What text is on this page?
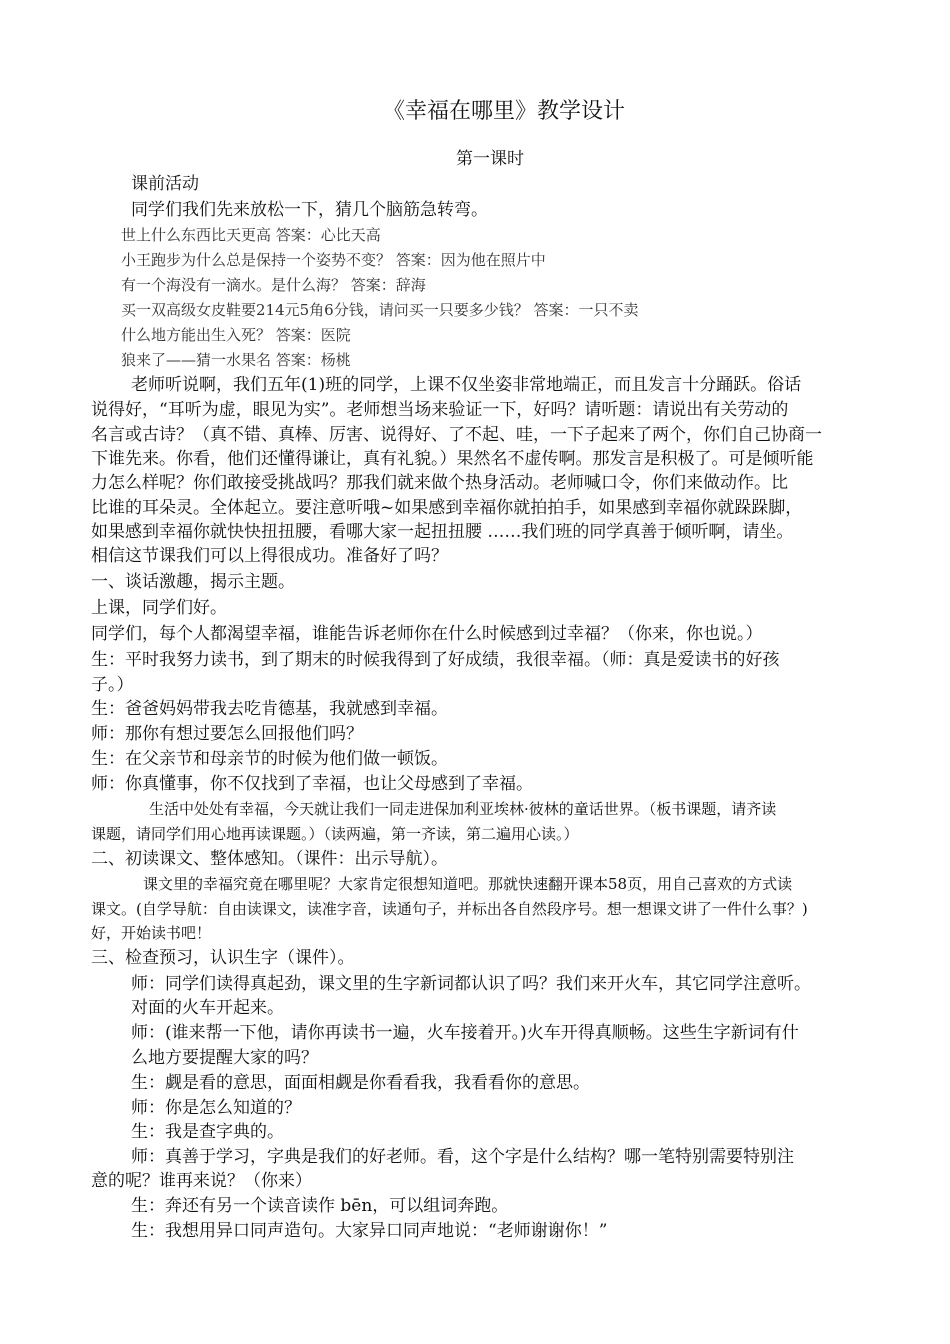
《幸福在哪里》教学设计
第一课时
课前活动
同学们我们先来放松一下，猜几个脑筋急转弯。
世上什么东西比天更高 答案：心比天高
小王跑步为什么总是保持一个姿势不变？ 答案：因为他在照片中
有一个海没有一滴水。是什么海？ 答案：辞海
买一双高级女皮鞋要214元5角6分钱，请问买一只要多少钱？ 答案：一只不卖
什么地方能出生入死？ 答案：医院
狼来了——猜一水果名 答案：杨桃
老师听说啊，我们五年(1)班的同学，上课不仅坐姿非常地端正，而且发言十分踊跃。俗话
说得好，“耳听为虚，眼见为实”。老师想当场来验证一下，好吗？请听题：请说出有关劳动的
名言或古诗？（真不错、真棒、厉害、说得好、了不起、哇，一下子起来了两个，你们自己协商一
下谁先来。你看，他们还懂得谦让，真有礼貌。）果然名不虚传啊。那发言是积极了。可是倾听能
力怎么样呢？你们敢接受挑战吗？那我们就来做个热身活动。老师喊口令，你们来做动作。比
比谁的耳朵灵。全体起立。要注意听哦~如果感到幸福你就拍拍手，如果感到幸福你就跺跺脚，
如果感到幸福你就快快扭扭腰，看哪大家一起扭扭腰 ……我们班的同学真善于倾听啊，请坐。
相信这节课我们可以上得很成功。准备好了吗？
一、谈话激趣，揭示主题。
上课，同学们好。
同学们，每个人都渴望幸福，谁能告诉老师你在什么时候感到过幸福？（你来，你也说。）
生：平时我努力读书，到了期末的时候我得到了好成绩，我很幸福。（师：真是爱读书的好孩
子。）
生：爸爸妈妈带我去吃肯德基，我就感到幸福。
师：那你有想过要怎么回报他们吗？
生：在父亲节和母亲节的时候为他们做一顿饭。
师：你真懂事，你不仅找到了幸福，也让父母感到了幸福。
生活中处处有幸福，今天就让我们一同走进保加利亚埃林·彼林的童话世界。（板书课题，请齐读
课题，请同学们用心地再读课题。）（读两遍，第一齐读，第二遍用心读。）
二、初读课文、整体感知。（课件：出示导航）。
课文里的幸福究竟在哪里呢？大家肯定很想知道吧。那就快速翻开课本58页，用自己喜欢的方式读
课文。(自学导航：自由读课文，读准字音，读通句子，并标出各自然段序号。想一想课文讲了一件什么事？)
好，开始读书吧！
三、检查预习，认识生字（课件）。
师：同学们读得真起劲，课文里的生字新词都认识了吗？我们来开火车，其它同学注意听。
对面的火车开起来。
师：(谁来帮一下他，请你再读书一遍，火车接着开。)火车开得真顺畅。这些生字新词有什
么地方要提醒大家的吗？
生：觑是看的意思，面面相觑是你看看我，我看看你的意思。
师：你是怎么知道的？
生：我是查字典的。
师：真善于学习，字典是我们的好老师。看，这个字是什么结构？哪一笔特别需要特别注
意的呢？谁再来说？（你来）
生：奔还有另一个读音读作 bēn，可以组词奔跑。
生：我想用异口同声造句。大家异口同声地说：“老师谢谢你！”
